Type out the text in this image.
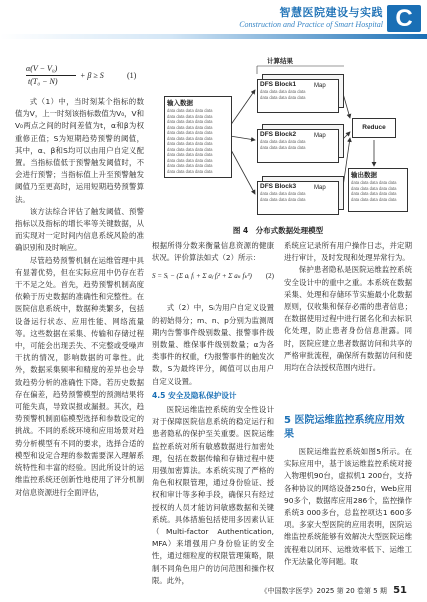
智慧医院建设与实践
Construction and Practice of Smart Hospital C
α(V − V₀)
t(T₀ − N)
+ β ≥ S	(1)

式（1）中，当时刻某个指标的数值为V，上一时刻该指标数值为V₀，V和V₀两点之间的时间差值为t，α和β为权重修正值；S为短期趋势预警的阈值，其中，α、β和S均可以由用户自定义配置。当指标值低于预警触发阈值时，不会进行预警；当指标值上升至预警触发阈值乃至更高时，运用短期趋势预警算法。

该方法综合评估了触发阈值、预警指标以及指标的增长率等关键数据，从而实现对一定时间内信息系统风险的准确识别和及时响应。

尽管趋势预警机制在运维管理中具有显著优势，但在实际应用中仍存在若干不足之处。首先，趋势预警机制高度依赖于历史数据的准确性和完整性。在医院信息系统中，数据种类繁多，包括设备运行状态、应用性能、网络流量等。这些数据在采集、传输和存储过程中，可能会出现丢失、不完整或受噪声干扰的情况，影响数据的可靠性。此外，数据采集频率和精度的差异也会导致趋势分析的准确性下降。若历史数据存在偏差，趋势预警模型的预测结果将可能失真，导致误报或漏报。其次，趋势预警机制面临模型选择和参数设定的挑战。不同的系统环境和应用场景对趋势分析模型有不同的要求，选择合适的模型和设定合理的参数需要深入理解系统特性和丰富的经验。因此所设计的运维监控系统还创新性地使用了评分机制对信息资源进行全面评估，

计算结果
输入数据
data data data data data
data data data data data
data data data data data
data data data data data
data data data data data
data data data data data
data data data data data
data data data data data
data data data data data
data data data data data
data data data data data
data data data data data
DFS Block1	Map
data data data data data
data data data data data
DFS Block2	Map
data data data data data
data data data data data
DFS Block3	Map
data data data data data
data data data data data
Reduce
输出数据
data data data data data
data data data data data
data data data data data
data data data data data
图 4　分布式数据处理模型

根据所得分数来衡量信息资源的健康状况。评价算法如式（2）所示：

式（2）中，Sᵢ为用户自定义设置的初始得分；m、n、p分别为监测周期内告警事件级别数量、报警事件级别数量、维保事件级别数量；α为各类事件的权重，f为报警事件的触发次数，S为最终评分，阈值可以由用户自定义设置。

4.5 安全及隐私保护设计

医院运维监控系统的安全性设计对于保障医院信息系统的稳定运行和患者隐私的保护至关重要。医院运维监控系统对所有敏感数据进行加密处理，包括在数据传输和存储过程中使用强加密算法。本系统实现了严格的角色和权限管理，通过身份验证、授权和审计等多种手段，确保只有经过授权的人员才能访问敏感数据和关键系统。具体措施包括使用多因素认证（Multi-factor Authentication, MFA）来增强用户身份验证的安全性，通过细粒度的权限管理策略，限制不同角色用户的访问范围和操作权限。此外，

S = Sᵢ − (Σ aᵢ fᵢ + Σ aⱼ fⱼ² + Σ aₖ fₖ³) (2)

系统应记录所有用户操作日志，并定期进行审计，及时发现和处理异常行为。

保护患者隐私是医院运维监控系统安全设计中的重中之重。本系统在数据采集、处理和存储环节实施最小化数据原则，仅收集和保存必需的患者信息；在数据使用过程中进行匿名化和去标识化处理，防止患者身份信息泄露。同时，医院应建立患者数据访问和共享的严格审批流程，确保所有数据访问和使用均在合法授权范围内进行。

5 医院运维监控系统应用效果

医院运维监控系统如图5所示。在实际应用中，基于该运维监控系统对接入物理机90台，虚拟机1 200台，支持各种协议的网络设备250台，Web应用90多个，数据库应用286个，监控操作系统3 000多台，总监控项达1 600多项。多家大型医院的应用表明，医院运维监控系统能够有效解决大型医院运维流程难以闭环、运维效率低下、运维工作无法量化等问题。取

《中国数字医学》2025 第 20 卷第 5 期 51
